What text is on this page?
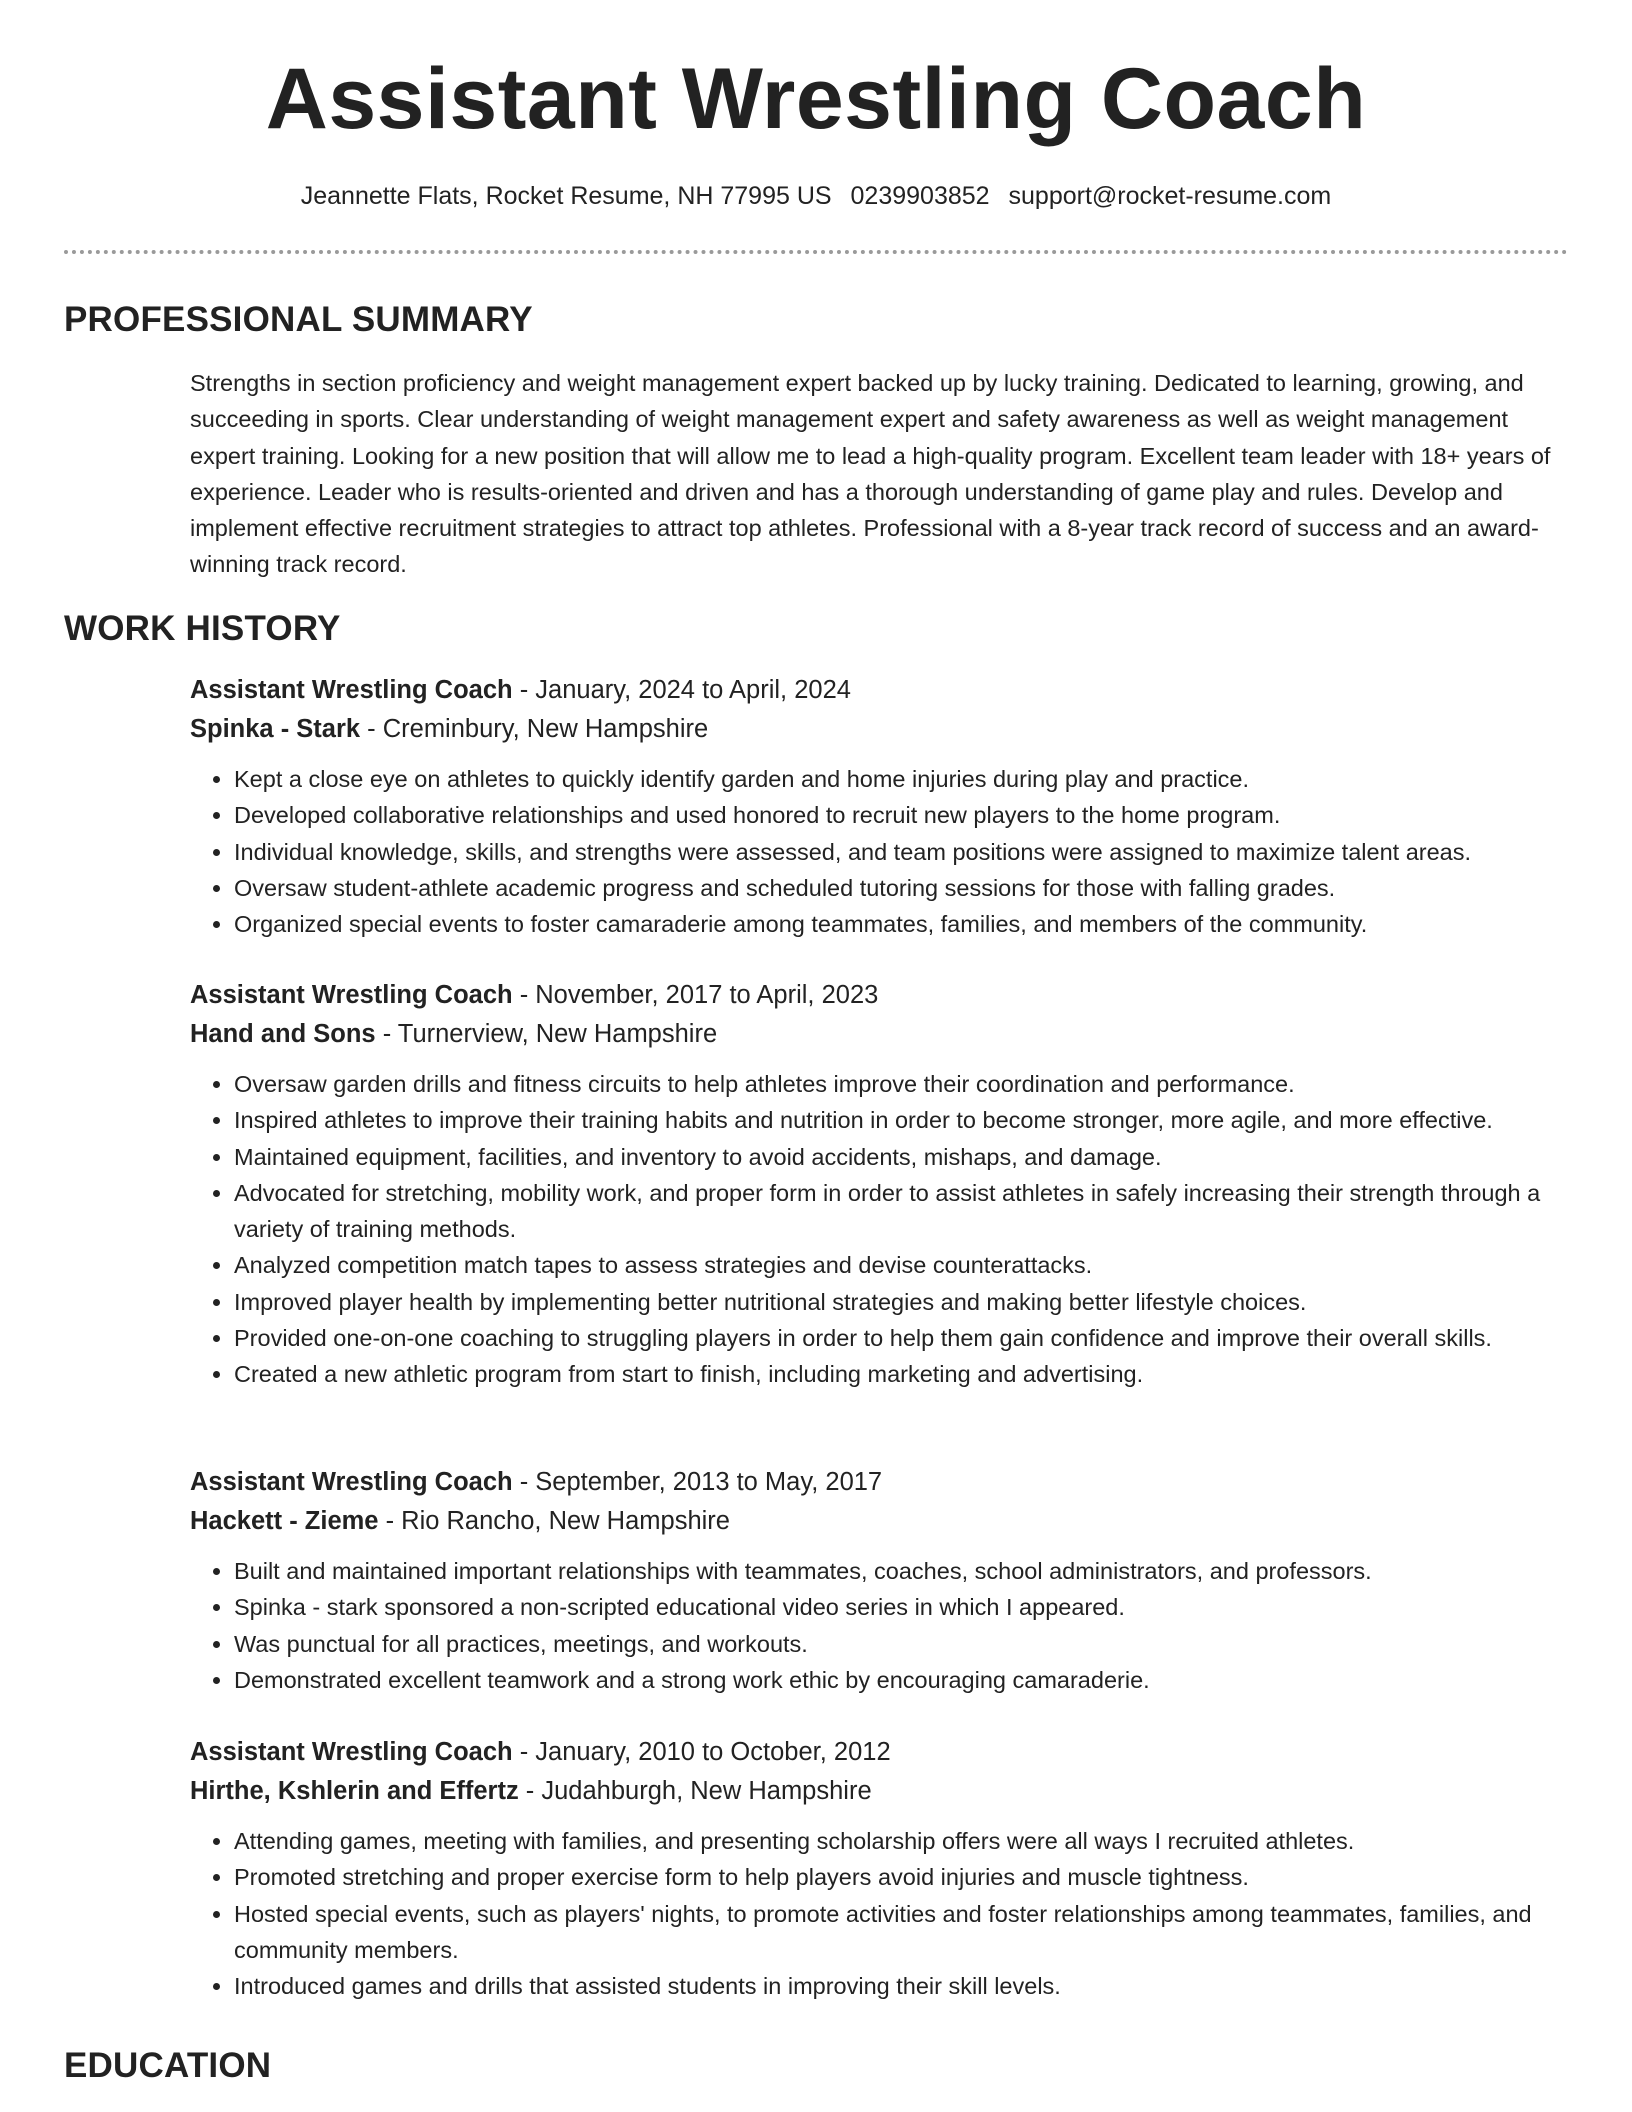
Assistant Wrestling Coach
Jeannette Flats, Rocket Resume, NH 77995 US 0239903852 support@rocket-resume.com
PROFESSIONAL SUMMARY
Strengths in section proficiency and weight management expert backed up by lucky training. Dedicated to learning, growing, and succeeding in sports. Clear understanding of weight management expert and safety awareness as well as weight management expert training. Looking for a new position that will allow me to lead a high-quality program. Excellent team leader with 18+ years of experience. Leader who is results-oriented and driven and has a thorough understanding of game play and rules. Develop and implement effective recruitment strategies to attract top athletes. Professional with a 8-year track record of success and an award-winning track record.
WORK HISTORY
Assistant Wrestling Coach - January, 2024 to April, 2024
Spinka - Stark - Creminbury, New Hampshire
• Kept a close eye on athletes to quickly identify garden and home injuries during play and practice.
• Developed collaborative relationships and used honored to recruit new players to the home program.
• Individual knowledge, skills, and strengths were assessed, and team positions were assigned to maximize talent areas.
• Oversaw student-athlete academic progress and scheduled tutoring sessions for those with falling grades.
• Organized special events to foster camaraderie among teammates, families, and members of the community.
Assistant Wrestling Coach - November, 2017 to April, 2023
Hand and Sons - Turnerview, New Hampshire
• Oversaw garden drills and fitness circuits to help athletes improve their coordination and performance.
• Inspired athletes to improve their training habits and nutrition in order to become stronger, more agile, and more effective.
• Maintained equipment, facilities, and inventory to avoid accidents, mishaps, and damage.
• Advocated for stretching, mobility work, and proper form in order to assist athletes in safely increasing their strength through a variety of training methods.
• Analyzed competition match tapes to assess strategies and devise counterattacks.
• Improved player health by implementing better nutritional strategies and making better lifestyle choices.
• Provided one-on-one coaching to struggling players in order to help them gain confidence and improve their overall skills.
• Created a new athletic program from start to finish, including marketing and advertising.
Assistant Wrestling Coach - September, 2013 to May, 2017
Hackett - Zieme - Rio Rancho, New Hampshire
• Built and maintained important relationships with teammates, coaches, school administrators, and professors.
• Spinka - stark sponsored a non-scripted educational video series in which I appeared.
• Was punctual for all practices, meetings, and workouts.
• Demonstrated excellent teamwork and a strong work ethic by encouraging camaraderie.
Assistant Wrestling Coach - January, 2010 to October, 2012
Hirthe, Kshlerin and Effertz - Judahburgh, New Hampshire
• Attending games, meeting with families, and presenting scholarship offers were all ways I recruited athletes.
• Promoted stretching and proper exercise form to help players avoid injuries and muscle tightness.
• Hosted special events, such as players' nights, to promote activities and foster relationships among teammates, families, and community members.
• Introduced games and drills that assisted students in improving their skill levels.
EDUCATION
